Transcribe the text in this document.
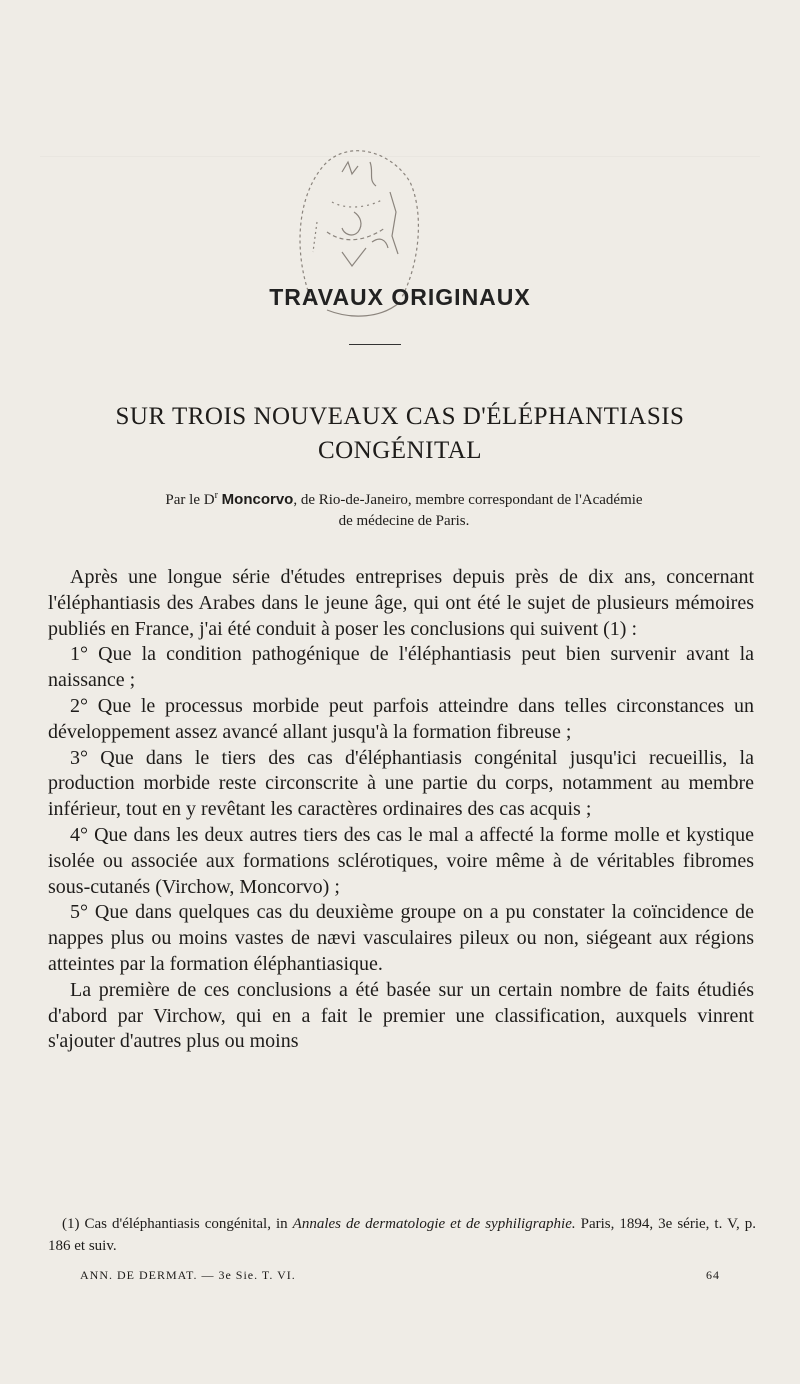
TRAVAUX ORIGINAUX
SUR TROIS NOUVEAUX CAS D'ÉLÉPHANTIASIS
CONGÉNITAL
Par le $D^r$ Moncorvo, de Rio-de-Janeiro, membre correspondant de l'Académie
de médecine de Paris.

Après une longue série d'études entreprises depuis près de dix ans, concernant l'éléphantiasis des Arabes dans le jeune âge, qui ont été le sujet de plusieurs mémoires publiés en France, j'ai été conduit à poser les conclusions qui suivent (1) :

1° Que la condition pathogénique de l'éléphantiasis peut bien survenir avant la naissance ;

2° Que le processus morbide peut parfois atteindre dans telles circonstances un développement assez avancé allant jusqu'à la formation fibreuse ;

3° Que dans le tiers des cas d'éléphantiasis congénital jusqu'ici recueillis, la production morbide reste circonscrite à une partie du corps, notamment au membre inférieur, tout en y revêtant les caractères ordinaires des cas acquis ;

4° Que dans les deux autres tiers des cas le mal a affecté la forme molle et kystique isolée ou associée aux formations sclérotiques, voire même à de véritables fibromes sous-cutanés (Virchow, Moncorvo) ;

5° Que dans quelques cas du deuxième groupe on a pu constater la coïncidence de nappes plus ou moins vastes de nævi vasculaires pileux ou non, siégeant aux régions atteintes par la formation éléphantiasique.

La première de ces conclusions a été basée sur un certain nombre de faits étudiés d'abord par Virchow, qui en a fait le premier une classification, auxquels vinrent s'ajouter d'autres plus ou moins

(1) Cas d'éléphantiasis congénital, in Annales de dermatologie et de syphiligraphie. Paris, 1894, 3e série, t. V, p. 186 et suiv.

ANN. DE DERMAT. — 3e Sie. T. VI.	64
